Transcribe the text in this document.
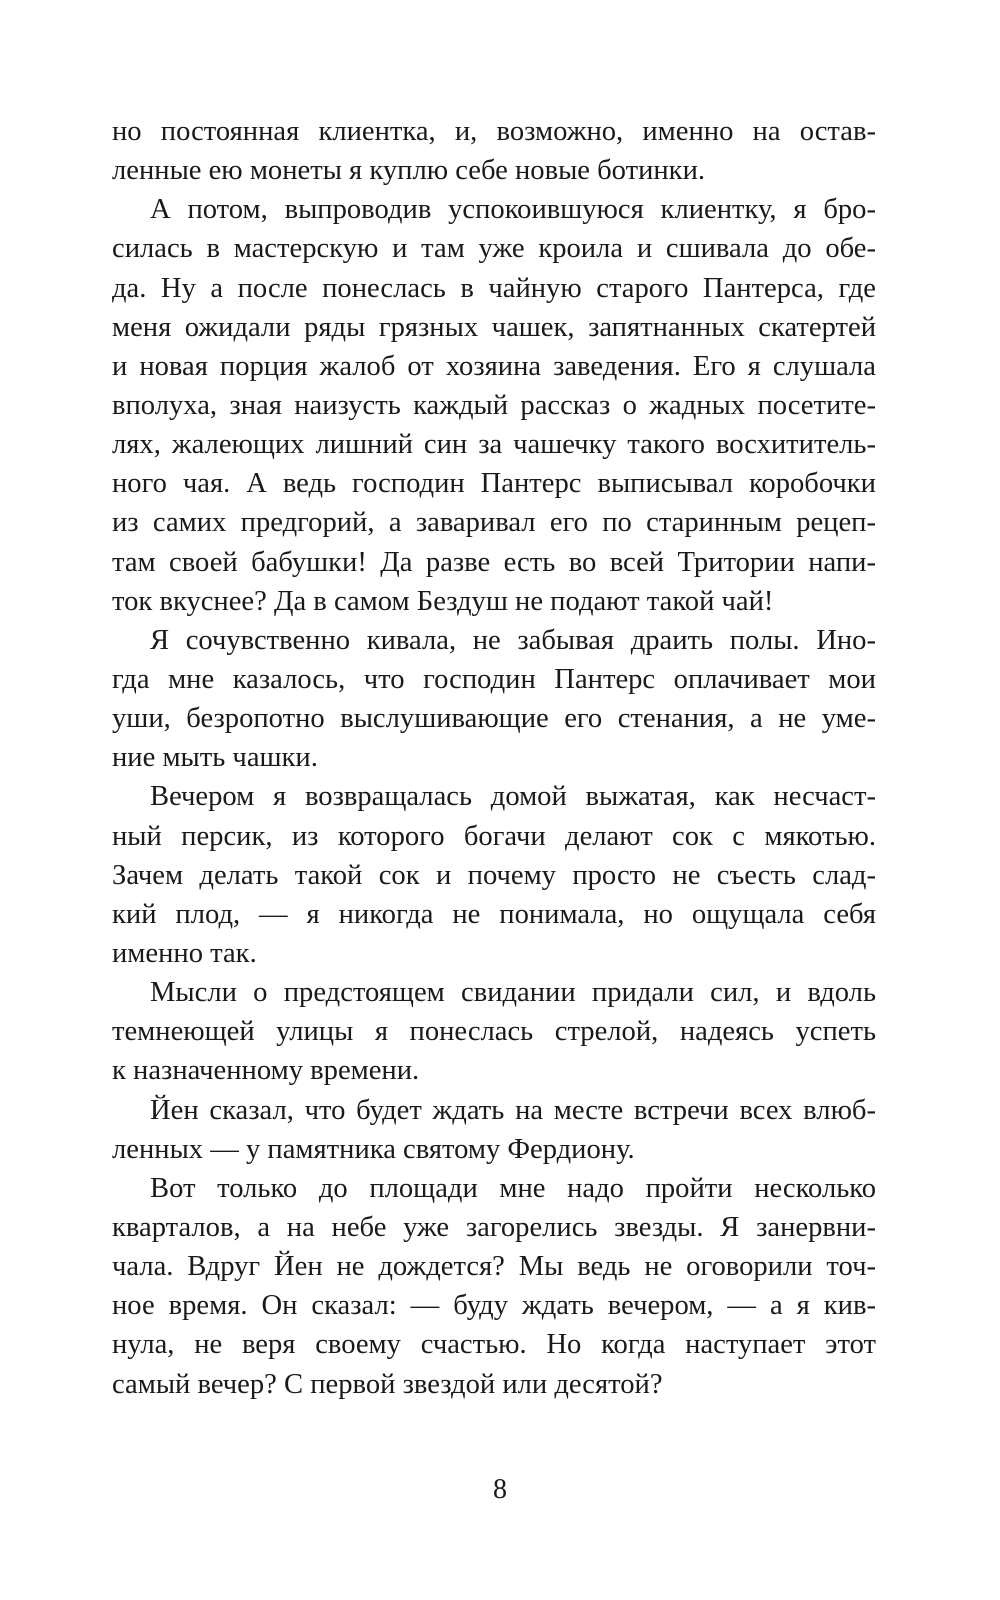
но постоянная клиентка, и, возможно, именно на остав-
ленные ею монеты я куплю себе новые ботинки.
А потом, выпроводив успокоившуюся клиентку, я бро-
силась в мастерскую и там уже кроила и сшивала до обе-
да. Ну а после понеслась в чайную старого Пантерса, где
меня ожидали ряды грязных чашек, запятнанных скатертей
и новая порция жалоб от хозяина заведения. Его я слушала
вполуха, зная наизусть каждый рассказ о жадных посетите-
лях, жалеющих лишний син за чашечку такого восхититель-
ного чая. А ведь господин Пантерс выписывал коробочки
из самих предгорий, а заваривал его по старинным рецеп-
там своей бабушки! Да разве есть во всей Тритории напи-
ток вкуснее? Да в самом Бездуш не подают такой чай!
Я сочувственно кивала, не забывая драить полы. Ино-
гда мне казалось, что господин Пантерс оплачивает мои
уши, безропотно выслушивающие его стенания, а не уме-
ние мыть чашки.
Вечером я возвращалась домой выжатая, как несчаст-
ный персик, из которого богачи делают сок с мякотью.
Зачем делать такой сок и почему просто не съесть слад-
кий плод, — я никогда не понимала, но ощущала себя
именно так.
Мысли о предстоящем свидании придали сил, и вдоль
темнеющей улицы я понеслась стрелой, надеясь успеть
к назначенному времени.
Йен сказал, что будет ждать на месте встречи всех влюб-
ленных — у памятника святому Фердиону.
Вот только до площади мне надо пройти несколько
кварталов, а на небе уже загорелись звезды. Я занервни-
чала. Вдруг Йен не дождется? Мы ведь не оговорили точ-
ное время. Он сказал: — буду ждать вечером, — а я кив-
нула, не веря своему счастью. Но когда наступает этот
самый вечер? С первой звездой или десятой?
8
